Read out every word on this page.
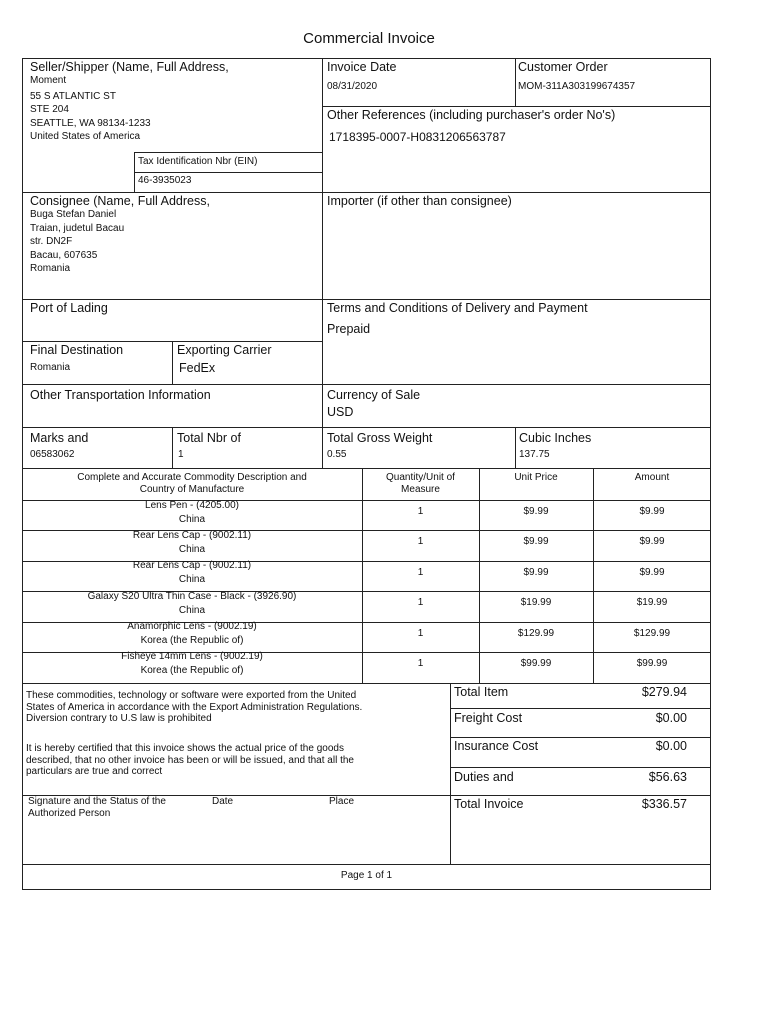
Commercial Invoice
Seller/Shipper (Name, Full Address,
Moment
55 S ATLANTIC ST
STE 204
SEATTLE, WA 98134-1233
United States of America
Tax Identification Nbr (EIN)
46-3935023
Invoice Date
08/31/2020
Customer Order
MOM-311A303199674357
Other References (including purchaser's order No's)
1718395-0007-H0831206563787
Consignee (Name, Full Address,
Buga Stefan Daniel
Traian, judetul Bacau
str. DN2F
Bacau, 607635
Romania
Importer (if other than consignee)
Port of Lading	Terms and Conditions of Delivery and Payment
Prepaid
Final Destination
Romania
Exporting Carrier
FedEx
Other Transportation Information	Currency of Sale
USD
Marks and
06583062
Total Nbr of
1
Total Gross Weight
0.55
Cubic Inches
137.75
Complete and Accurate Commodity Description and
Country of Manufacture
Quantity/Unit of
Measure
Unit Price	Amount
Lens Pen - (4205.00)
China
1	$9.99	$9.99
Rear Lens Cap - (9002.11)
China
1	$9.99	$9.99
Rear Lens Cap - (9002.11)
China
1	$9.99	$9.99
Galaxy S20 Ultra Thin Case - Black - (3926.90)
China
1	$19.99	$19.99
Anamorphic Lens - (9002.19)
Korea (the Republic of)
1	$129.99	$129.99
Fisheye 14mm Lens - (9002.19)
Korea (the Republic of)
1	$99.99	$99.99
These commodities, technology or software were exported from the United
States of America in accordance with the Export Administration Regulations.
Diversion contrary to U.S law is prohibited
It is hereby certified that this invoice shows the actual price of the goods
described, that no other invoice has been or will be issued, and that all the
particulars are true and correct
Signature and the Status of the
Authorized Person
Date	Place
Total Item	$279.94
Freight Cost	$0.00
Insurance Cost	$0.00
Duties and	$56.63
Total Invoice	$336.57
Page 1 of 1
